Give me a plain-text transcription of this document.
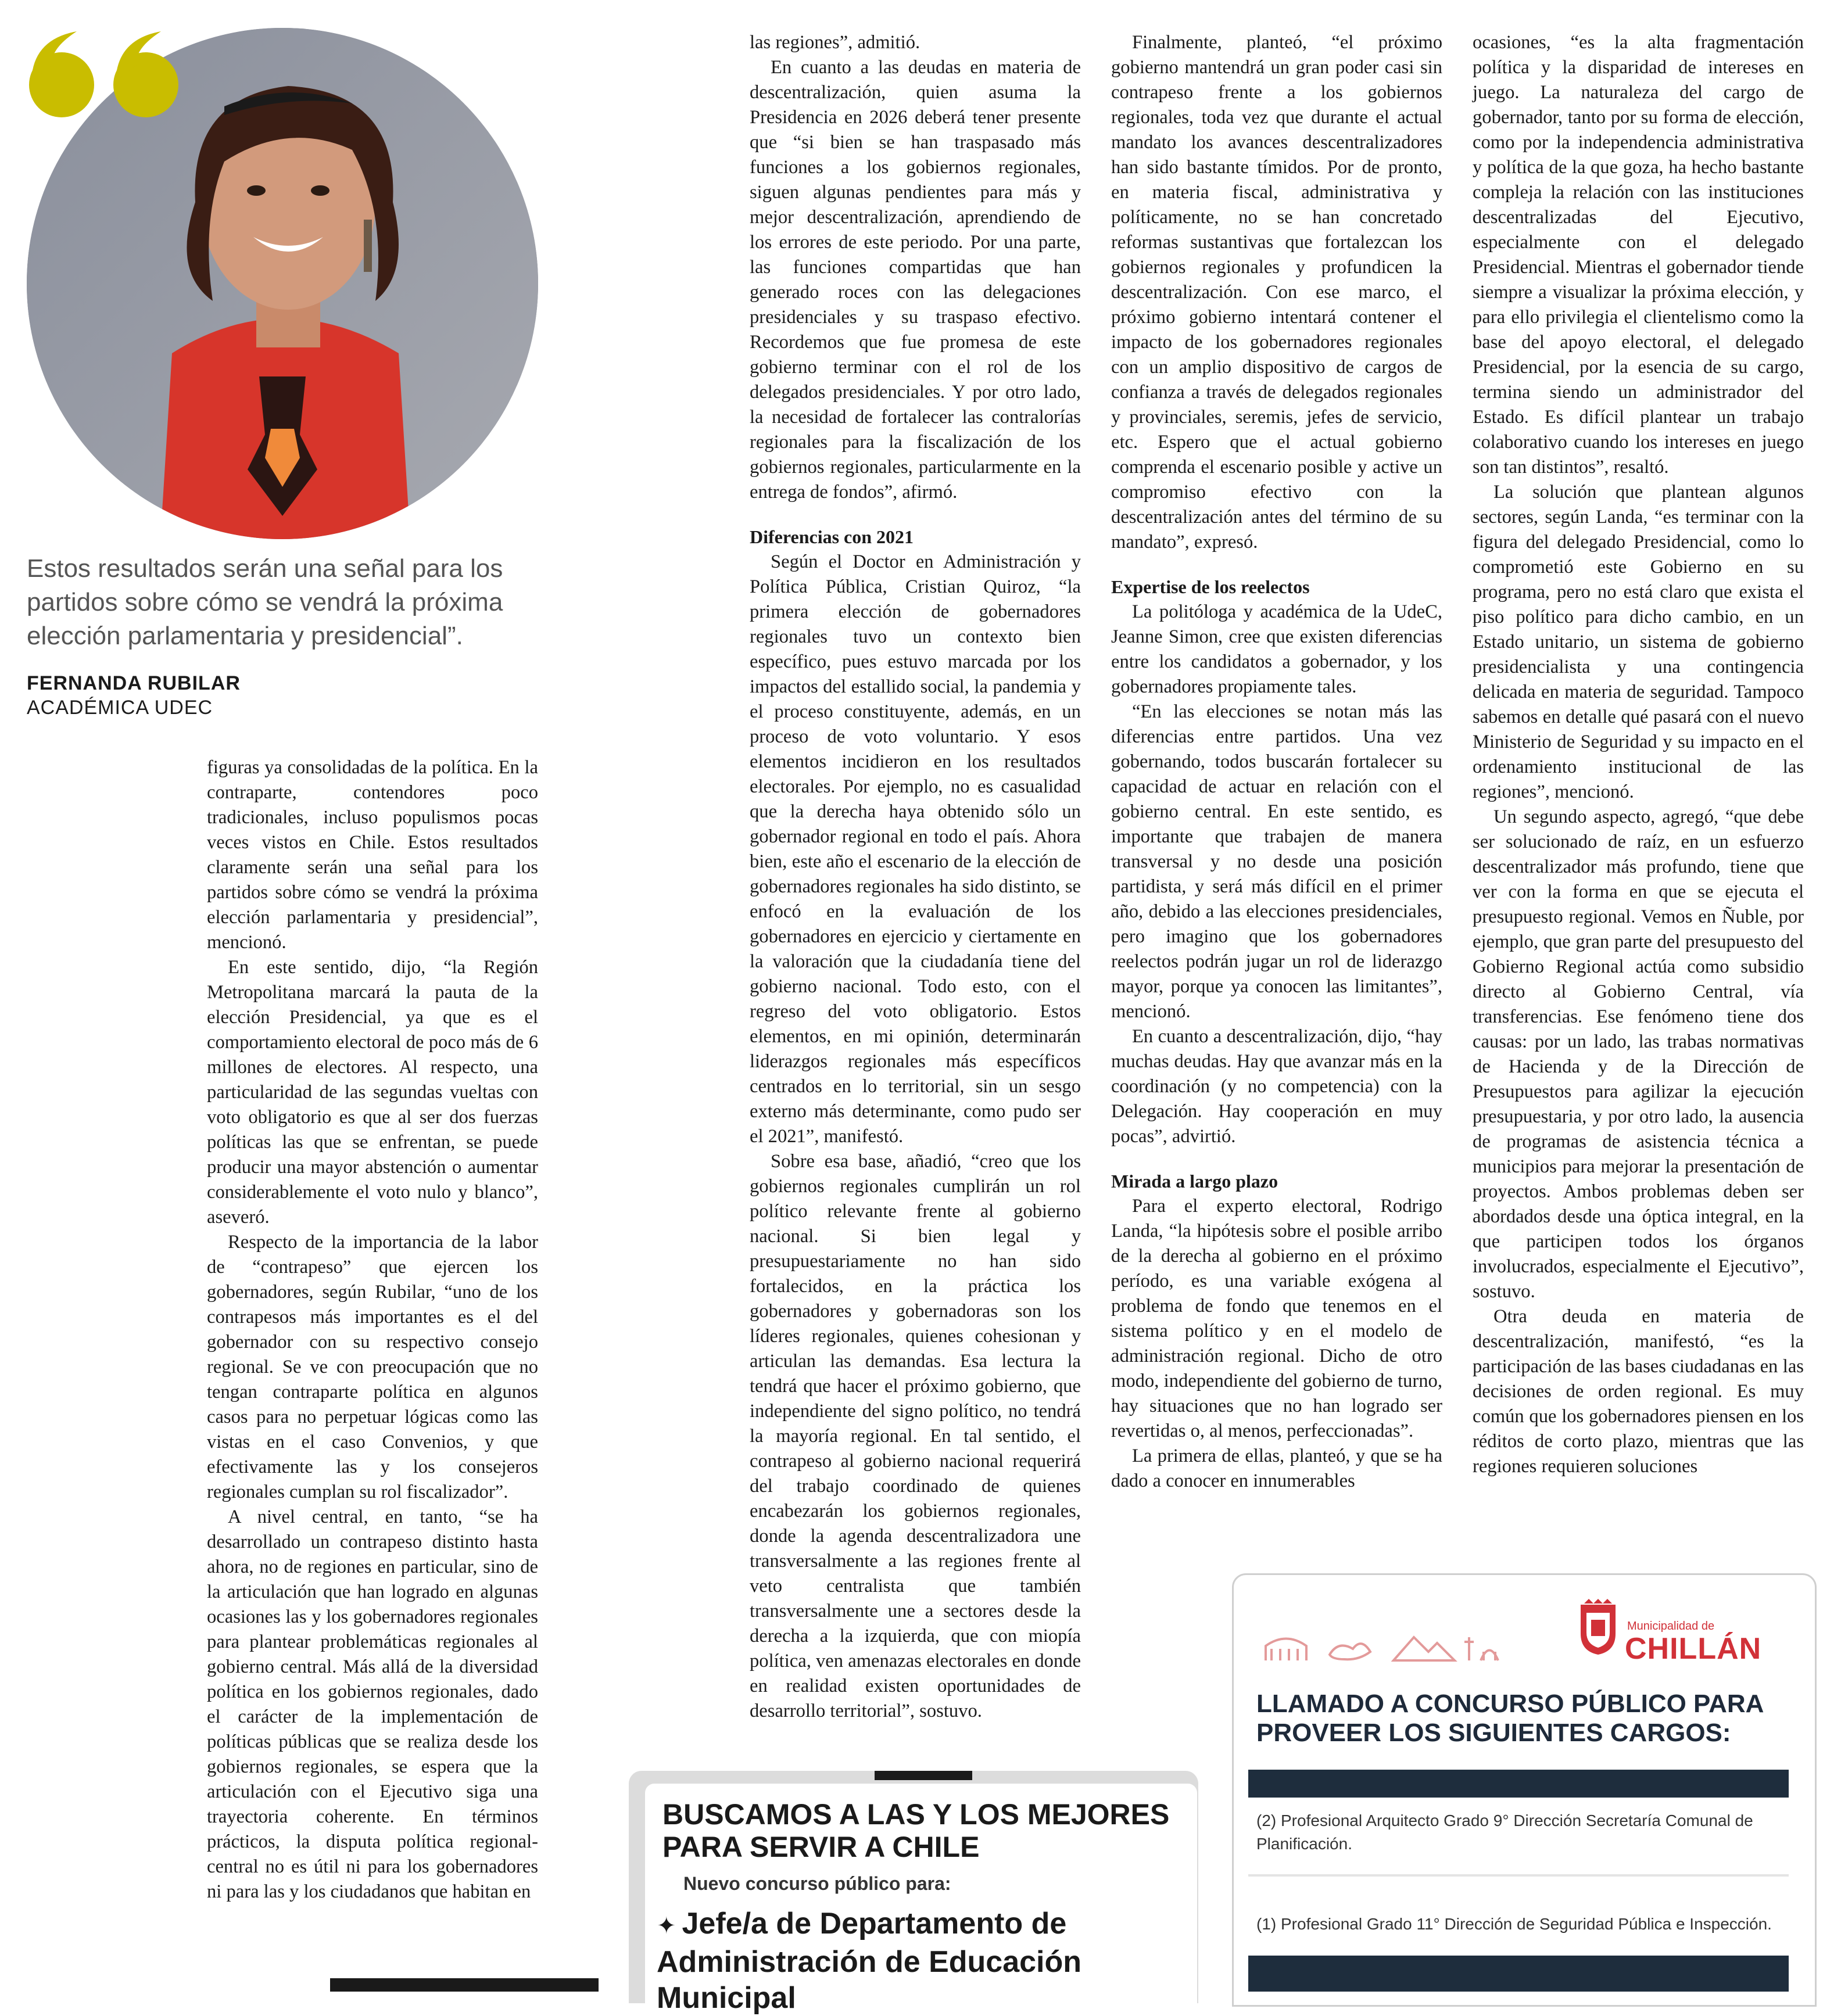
Estos resultados serán una señal para los partidos sobre cómo se vendrá la próxima elección parlamentaria y presidencial”.
FERNANDA RUBILAR
ACADÉMICA UDEC

figuras ya consolidadas de la política. En la contraparte, contendores poco tradicionales, incluso populismos pocas veces vistos en Chile. Estos resultados claramente serán una señal para los partidos sobre cómo se vendrá la próxima elección parlamentaria y presidencial”, mencionó.

En este sentido, dijo, “la Región Metropolitana marcará la pauta de la elección Presidencial, ya que es el comportamiento electoral de poco más de 6 millones de electores. Al respecto, una particularidad de las segundas vueltas con voto obligatorio es que al ser dos fuerzas políticas las que se enfrentan, se puede producir una mayor abstención o aumentar considerablemente el voto nulo y blanco”, aseveró.

Respecto de la importancia de la labor de “contrapeso” que ejercen los gobernadores, según Rubilar, “uno de los contrapesos más importantes es el del gobernador con su respectivo consejo regional. Se ve con preocupación que no tengan contraparte política en algunos casos para no perpetuar lógicas como las vistas en el caso Convenios, y que efectivamente las y los consejeros regionales cumplan su rol fiscalizador”.

A nivel central, en tanto, “se ha desarrollado un contrapeso distinto hasta ahora, no de regiones en particular, sino de la articulación que han logrado en algunas ocasiones las y los gobernadores regionales para plantear problemáticas regionales al gobierno central. Más allá de la diversidad política en los gobiernos regionales, dado el carácter de la implementación de políticas públicas que se realiza desde los gobiernos regionales, se espera que la articulación con el Ejecutivo siga una trayectoria coherente. En términos prácticos, la disputa política regional-central no es útil ni para los gobernadores ni para las y los ciudadanos que habitan en

las regiones”, admitió.

En cuanto a las deudas en materia de descentralización, quien asuma la Presidencia en 2026 deberá tener presente que “si bien se han traspasado más funciones a los gobiernos regionales, siguen algunas pendientes para más y mejor descentralización, aprendiendo de los errores de este periodo. Por una parte, las funciones compartidas que han generado roces con las delegaciones presidenciales y su traspaso efectivo. Recordemos que fue promesa de este gobierno terminar con el rol de los delegados presidenciales. Y por otro lado, la necesidad de fortalecer las contralorías regionales para la fiscalización de los gobiernos regionales, particularmente en la entrega de fondos”, afirmó.

Diferencias con 2021

Según el Doctor en Administración y Política Pública, Cristian Quiroz, “la primera elección de gobernadores regionales tuvo un contexto bien específico, pues estuvo marcada por los impactos del estallido social, la pandemia y el proceso constituyente, además, en un proceso de voto voluntario. Y esos elementos incidieron en los resultados electorales. Por ejemplo, no es casualidad que la derecha haya obtenido sólo un gobernador regional en todo el país. Ahora bien, este año el escenario de la elección de gobernadores regionales ha sido distinto, se enfocó en la evaluación de los gobernadores en ejercicio y ciertamente en la valoración que la ciudadanía tiene del gobierno nacional. Todo esto, con el regreso del voto obligatorio. Estos elementos, en mi opinión, determinarán liderazgos regionales más específicos centrados en lo territorial, sin un sesgo externo más determinante, como pudo ser el 2021”, manifestó.

Sobre esa base, añadió, “creo que los gobiernos regionales cumplirán un rol político relevante frente al gobierno nacional. Si bien legal y presupuestariamente no han sido fortalecidos, en la práctica los gobernadores y gobernadoras son los líderes regionales, quienes cohesionan y articulan las demandas. Esa lectura la tendrá que hacer el próximo gobierno, que independiente del signo político, no tendrá la mayoría regional. En tal sentido, el contrapeso al gobierno nacional requerirá del trabajo coordinado de quienes encabezarán los gobiernos regionales, donde la agenda descentralizadora une transversalmente a las regiones frente al veto centralista que también transversalmente une a sectores desde la derecha a la izquierda, que con miopía política, ven amenazas electorales en donde en realidad existen oportunidades de desarrollo territorial”, sostuvo.

Finalmente, planteó, “el próximo gobierno mantendrá un gran poder casi sin contrapeso frente a los gobiernos regionales, toda vez que durante el actual mandato los avances descentralizadores han sido bastante tímidos. Por de pronto, en materia fiscal, administrativa y políticamente, no se han concretado reformas sustantivas que fortalezcan los gobiernos regionales y profundicen la descentralización. Con ese marco, el próximo gobierno intentará contener el impacto de los gobernadores regionales con un amplio dispositivo de cargos de confianza a través de delegados regionales y provinciales, seremis, jefes de servicio, etc. Espero que el actual gobierno comprenda el escenario posible y active un compromiso efectivo con la descentralización antes del término de su mandato”, expresó.

Expertise de los reelectos

La politóloga y académica de la UdeC, Jeanne Simon, cree que existen diferencias entre los candidatos a gobernador, y los gobernadores propiamente tales.

“En las elecciones se notan más las diferencias entre partidos. Una vez gobernando, todos buscarán fortalecer su capacidad de actuar en relación con el gobierno central. En este sentido, es importante que trabajen de manera transversal y no desde una posición partidista, y será más difícil en el primer año, debido a las elecciones presidenciales, pero imagino que los gobernadores reelectos podrán jugar un rol de liderazgo mayor, porque ya conocen las limitantes”, mencionó.

En cuanto a descentralización, dijo, “hay muchas deudas. Hay que avanzar más en la coordinación (y no competencia) con la Delegación. Hay cooperación en muy pocas”, advirtió.

Mirada a largo plazo

Para el experto electoral, Rodrigo Landa, “la hipótesis sobre el posible arribo de la derecha al gobierno en el próximo período, es una variable exógena al problema de fondo que tenemos en el sistema político y en el modelo de administración regional. Dicho de otro modo, independiente del gobierno de turno, hay situaciones que no han logrado ser revertidas o, al menos, perfeccionadas”.

La primera de ellas, planteó, y que se ha dado a conocer en innumerables

ocasiones, “es la alta fragmentación política y la disparidad de intereses en juego. La naturaleza del cargo de gobernador, tanto por su forma de elección, como por la independencia administrativa y política de la que goza, ha hecho bastante compleja la relación con las instituciones descentralizadas del Ejecutivo, especialmente con el delegado Presidencial. Mientras el gobernador tiende siempre a visualizar la próxima elección, y para ello privilegia el clientelismo como la base del apoyo electoral, el delegado Presidencial, por la esencia de su cargo, termina siendo un administrador del Estado. Es difícil plantear un trabajo colaborativo cuando los intereses en juego son tan distintos”, resaltó.

La solución que plantean algunos sectores, según Landa, “es terminar con la figura del delegado Presidencial, como lo comprometió este Gobierno en su programa, pero no está claro que exista el piso político para dicho cambio, en un Estado unitario, un sistema de gobierno presidencialista y una contingencia delicada en materia de seguridad. Tampoco sabemos en detalle qué pasará con el nuevo Ministerio de Seguridad y su impacto en el ordenamiento institucional de las regiones”, mencionó.

Un segundo aspecto, agregó, “que debe ser solucionado de raíz, en un esfuerzo descentralizador más profundo, tiene que ver con la forma en que se ejecuta el presupuesto regional. Vemos en Ñuble, por ejemplo, que gran parte del presupuesto del Gobierno Regional actúa como subsidio directo al Gobierno Central, vía transferencias. Ese fenómeno tiene dos causas: por un lado, las trabas normativas de Hacienda y de la Dirección de Presupuestos para agilizar la ejecución presupuestaria, y por otro lado, la ausencia de programas de asistencia técnica a municipios para mejorar la presentación de proyectos. Ambos problemas deben ser abordados desde una óptica integral, en la que participen todos los órganos involucrados, especialmente el Ejecutivo”, sostuvo.

Otra deuda en materia de descentralización, manifestó, “es la participación de las bases ciudadanas en las decisiones de orden regional. Es muy común que los gobernadores piensen en los réditos de corto plazo, mientras que las regiones requieren soluciones

BUSCAMOS A LAS Y LOS MEJORES PARA SERVIR A CHILE
Nuevo concurso público para:
✦ Jefe/a de Departamento de Administración de Educación Municipal
Municipalidad de
CHILLÁN
LLAMADO A CONCURSO PÚBLICO PARA PROVEER LOS SIGUIENTES CARGOS:
(2) Profesional Arquitecto Grado 9° Dirección Secretaría Comunal de Planificación.
(1) Profesional Grado 11° Dirección de Seguridad Pública e Inspección.
